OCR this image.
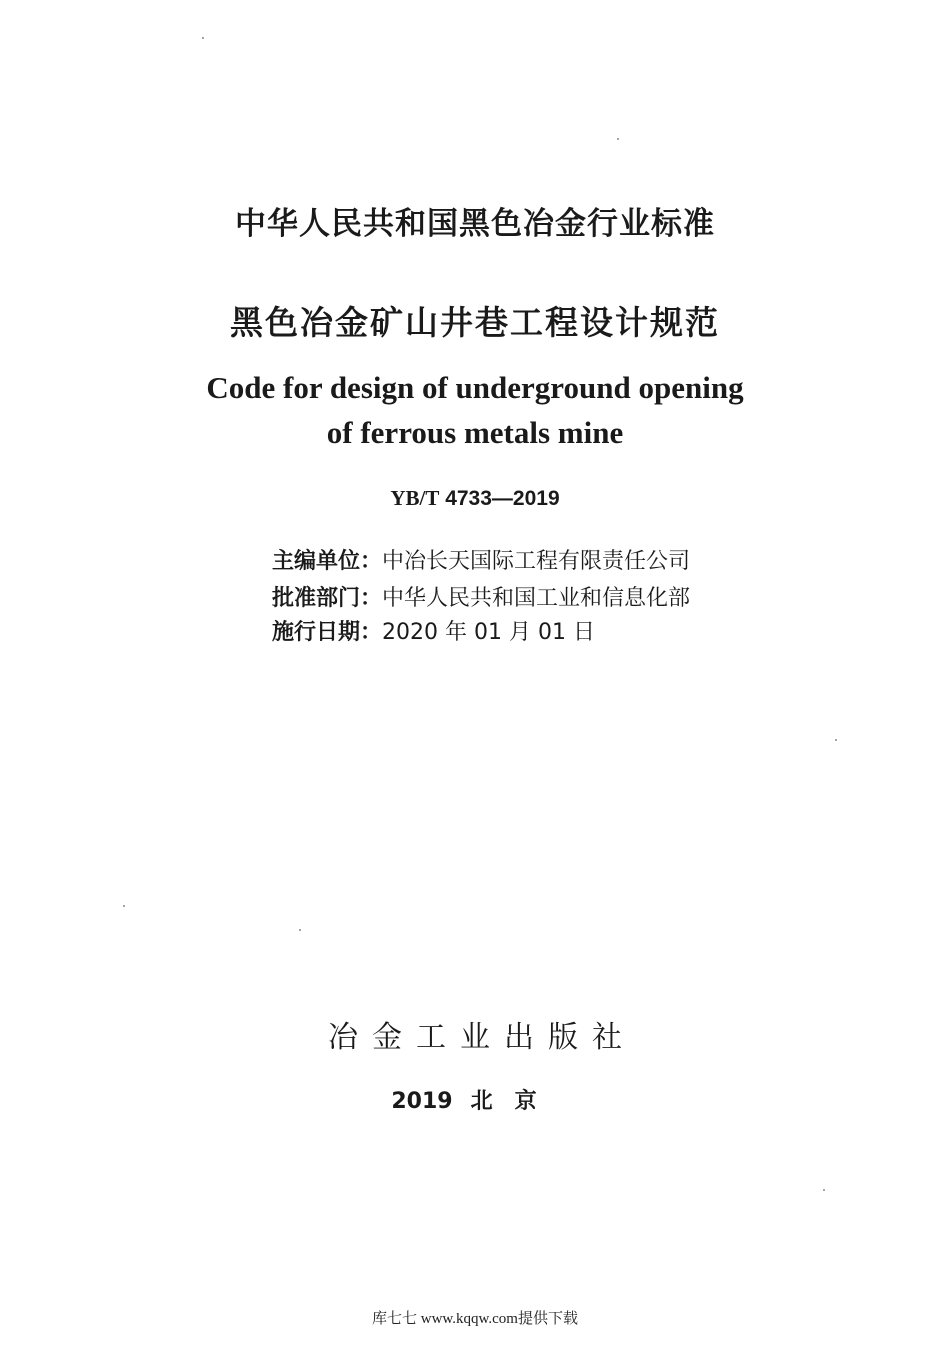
中华人民共和国黑色冶金行业标准
黑色冶金矿山井巷工程设计规范
Code for design of underground opening
of ferrous metals mine
YB/T 4733—2019
主编单位：中冶长天国际工程有限责任公司
批准部门：中华人民共和国工业和信息化部
施行日期：2020 年 01 月 01 日
冶金工业出版社
2019 北京
库七七 www.kqqw.com提供下载
